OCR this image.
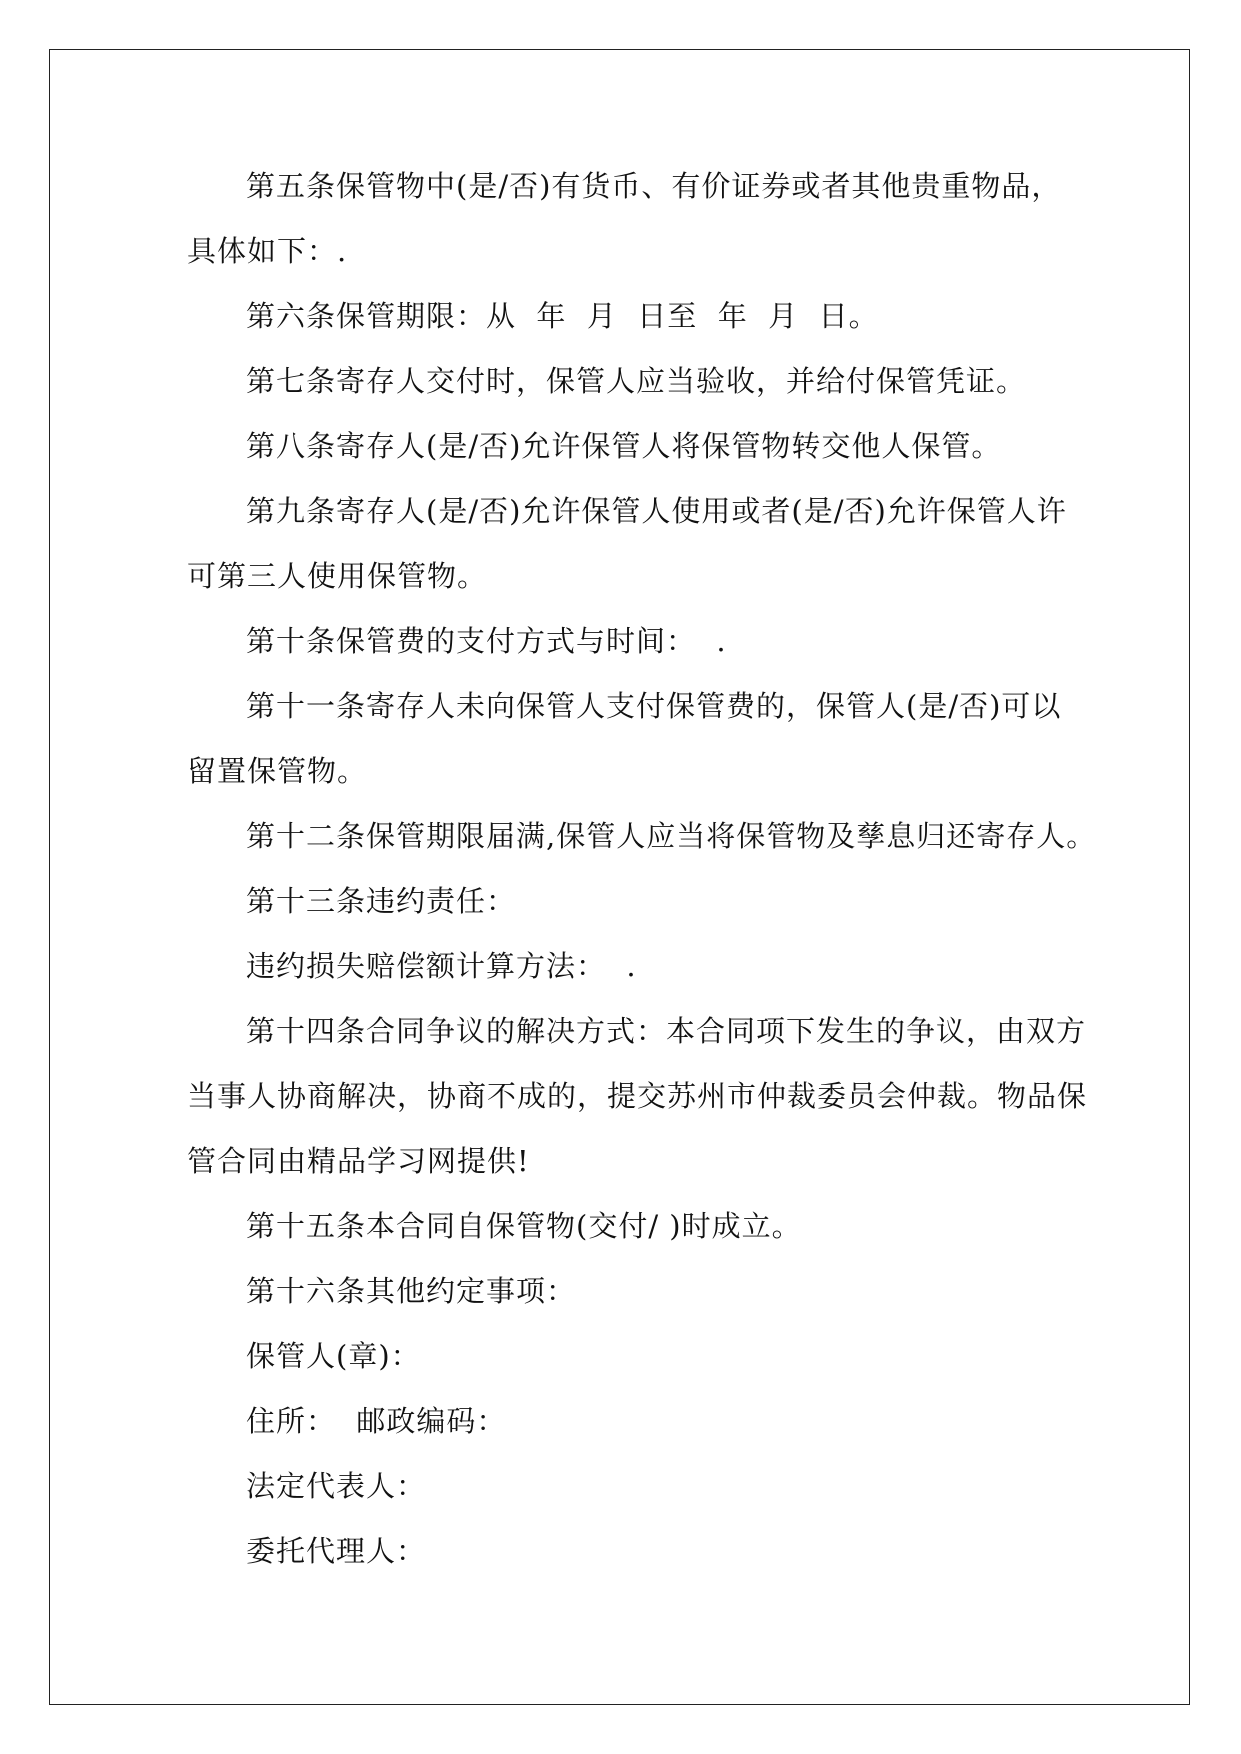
第五条保管物中(是/否)有货币、有价证券或者其他贵重物品，
具体如下：.
第六条保管期限：从  年  月  日至  年  月  日。
第七条寄存人交付时，保管人应当验收，并给付保管凭证。
第八条寄存人(是/否)允许保管人将保管物转交他人保管。
第九条寄存人(是/否)允许保管人使用或者(是/否)允许保管人许
可第三人使用保管物。
第十条保管费的支付方式与时间：  .
第十一条寄存人未向保管人支付保管费的，保管人(是/否)可以
留置保管物。
第十二条保管期限届满,保管人应当将保管物及孳息归还寄存人。
第十三条违约责任：
违约损失赔偿额计算方法：  .
第十四条合同争议的解决方式：本合同项下发生的争议，由双方
当事人协商解决，协商不成的，提交苏州市仲裁委员会仲裁。物品保
管合同由精品学习网提供!
第十五条本合同自保管物(交付/ )时成立。
第十六条其他约定事项：
保管人(章)：
住所：  邮政编码：
法定代表人：
委托代理人：
